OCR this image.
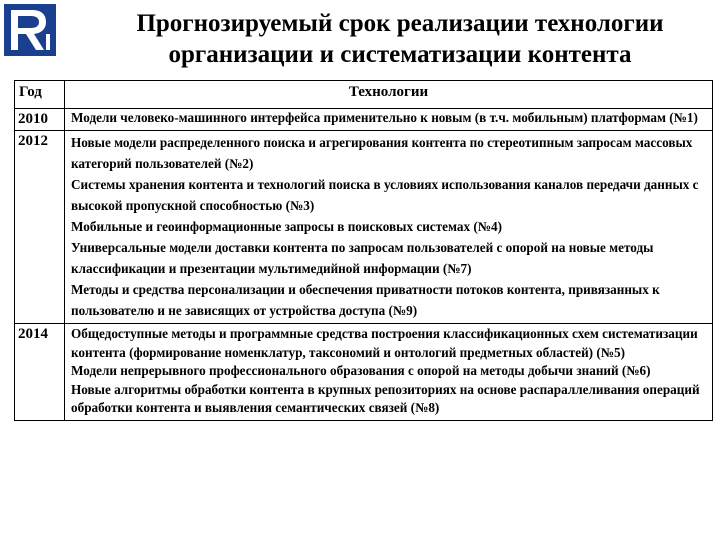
Прогнозируемый срок реализации технологии
организации и систематизации контента
Год	Технологии
2010	Модели человеко-машинного интерфейса применительно к новым (в т.ч. мобильным) платформам (№1)

2012	Новые модели распределенного поиска и агрегирования контента по стереотипным запросам массовых категорий пользователей (№2)
Системы хранения контента и технологий поиска в условиях использования каналов передачи данных с высокой пропускной способностью (№3)
Мобильные и геоинформационные запросы в поисковых системах (№4)
Универсальные модели доставки контента по запросам пользователей с опорой на новые методы классификации и презентации мультимедийной информации (№7)
Методы и средства персонализации и обеспечения приватности потоков контента, привязанных к пользователю и не зависящих от устройства доступа (№9)

2014	Общедоступные методы и программные средства построения классификационных схем систематизации контента (формирование номенклатур, таксономий и онтологий предметных областей) (№5)
Модели непрерывного профессионального образования с опорой на методы добычи знаний (№6)
Новые алгоритмы обработки контента в крупных репозиториях на основе распараллеливания операций обработки контента и выявления семантических связей (№8)
